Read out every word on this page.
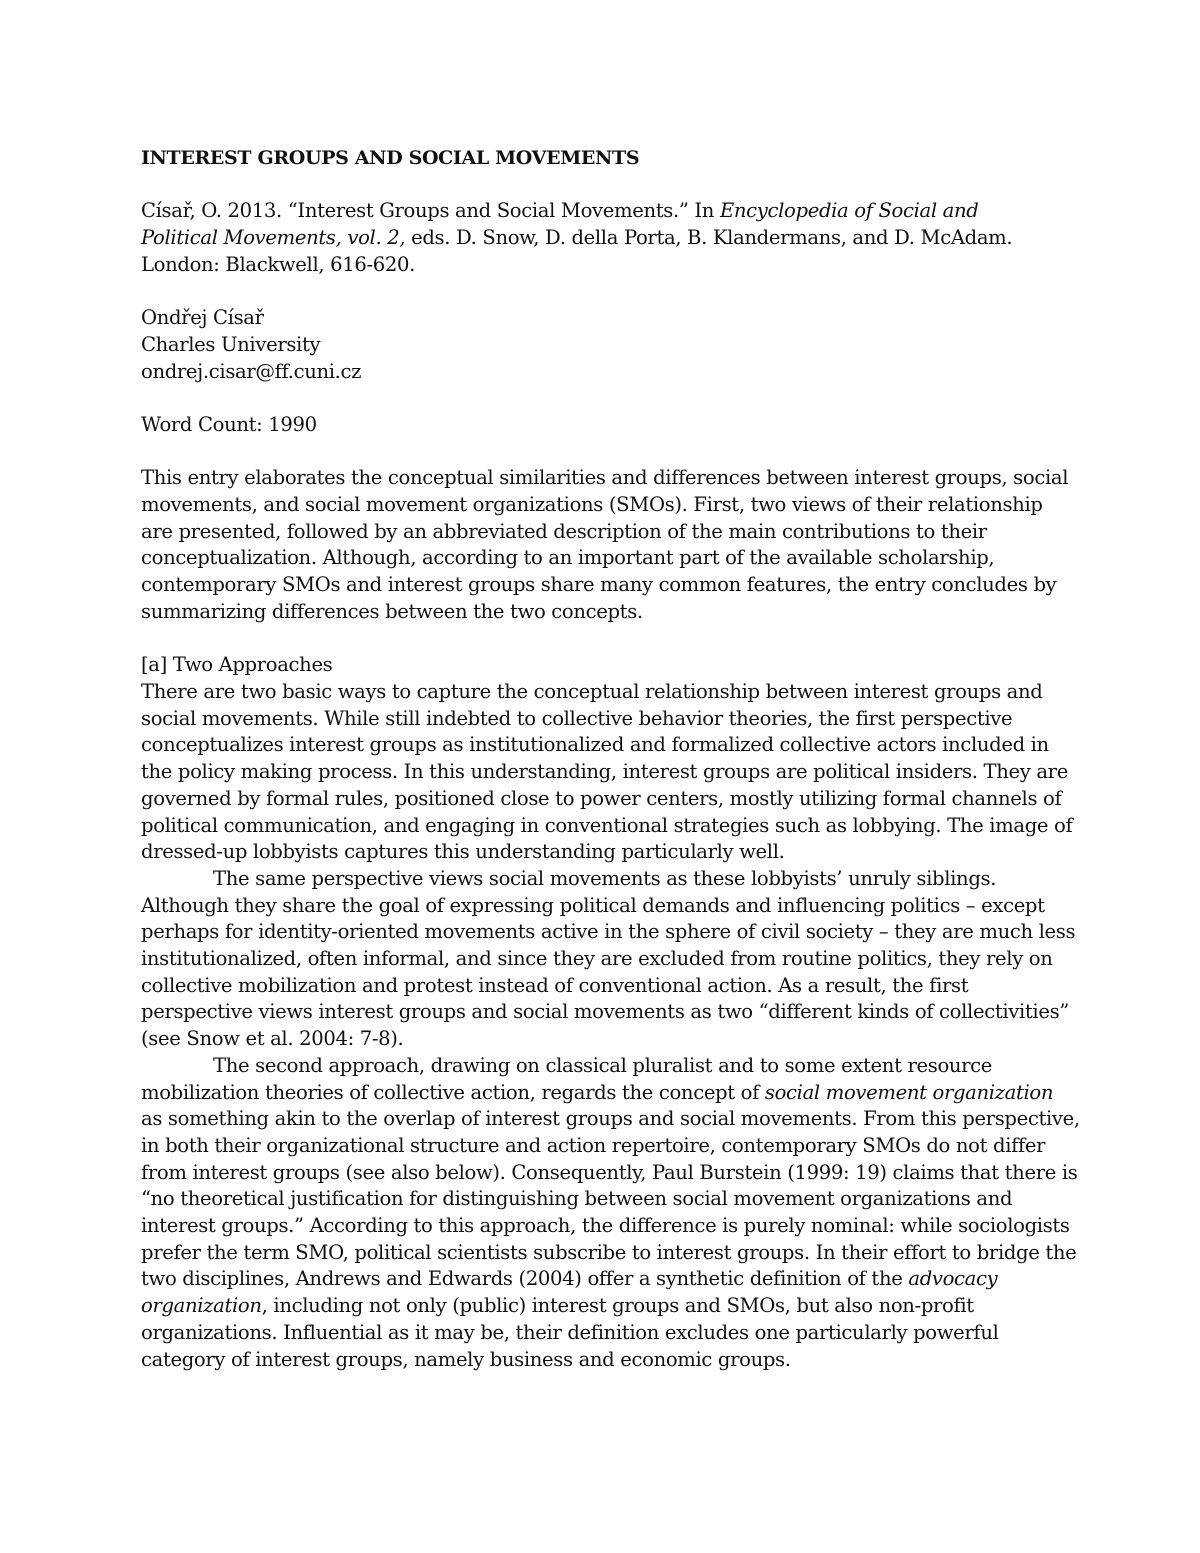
INTEREST GROUPS AND SOCIAL MOVEMENTS

Císař, O. 2013. “Interest Groups and Social Movements.” In Encyclopedia of Social and
Political Movements, vol. 2, eds. D. Snow, D. della Porta, B. Klandermans, and D. McAdam.
London: Blackwell, 616-620.
Ondřej Císař
Charles University
ondrej.cisar@ff.cuni.cz
Word Count: 1990
This entry elaborates the conceptual similarities and differences between interest groups, social
movements, and social movement organizations (SMOs). First, two views of their relationship
are presented, followed by an abbreviated description of the main contributions to their
conceptualization. Although, according to an important part of the available scholarship,
contemporary SMOs and interest groups share many common features, the entry concludes by
summarizing differences between the two concepts.
[a] Two Approaches
There are two basic ways to capture the conceptual relationship between interest groups and
social movements. While still indebted to collective behavior theories, the first perspective
conceptualizes interest groups as institutionalized and formalized collective actors included in
the policy making process. In this understanding, interest groups are political insiders. They are
governed by formal rules, positioned close to power centers, mostly utilizing formal channels of
political communication, and engaging in conventional strategies such as lobbying. The image of
dressed-up lobbyists captures this understanding particularly well.
The same perspective views social movements as these lobbyists’ unruly siblings.
Although they share the goal of expressing political demands and influencing politics – except
perhaps for identity-oriented movements active in the sphere of civil society – they are much less
institutionalized, often informal, and since they are excluded from routine politics, they rely on
collective mobilization and protest instead of conventional action. As a result, the first
perspective views interest groups and social movements as two “different kinds of collectivities”
(see Snow et al. 2004: 7-8).
The second approach, drawing on classical pluralist and to some extent resource
mobilization theories of collective action, regards the concept of social movement organization
as something akin to the overlap of interest groups and social movements. From this perspective,
in both their organizational structure and action repertoire, contemporary SMOs do not differ
from interest groups (see also below). Consequently, Paul Burstein (1999: 19) claims that there is
“no theoretical justification for distinguishing between social movement organizations and
interest groups.” According to this approach, the difference is purely nominal: while sociologists
prefer the term SMO, political scientists subscribe to interest groups. In their effort to bridge the
two disciplines, Andrews and Edwards (2004) offer a synthetic definition of the advocacy
organization, including not only (public) interest groups and SMOs, but also non-profit
organizations. Influential as it may be, their definition excludes one particularly powerful
category of interest groups, namely business and economic groups.
